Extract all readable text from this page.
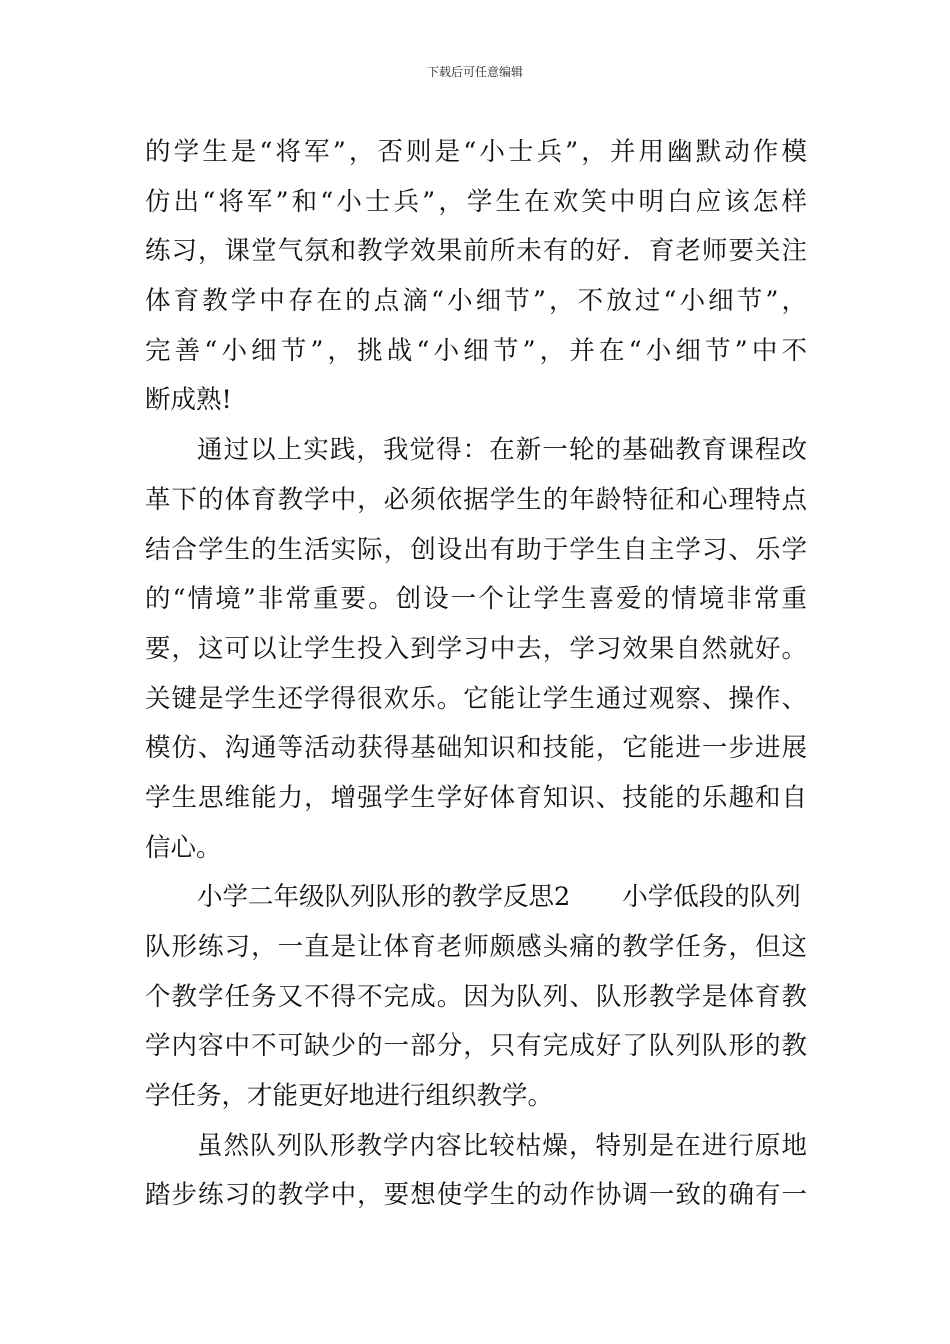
下载后可任意编辑
的学生是“将军”，否则是“小士兵”，并用幽默动作模
仿出“将军”和“小士兵”，学生在欢笑中明白应该怎样
练习，课堂气氛和教学效果前所未有的好．育老师要关注
体育教学中存在的点滴“小细节”，不放过“小细节”，
完善“小细节”，挑战“小细节”，并在“小细节”中不
断成熟!
通过以上实践，我觉得：在新一轮的基础教育课程改
革下的体育教学中，必须依据学生的年龄特征和心理特点
结合学生的生活实际，创设出有助于学生自主学习、乐学
的“情境”非常重要。创设一个让学生喜爱的情境非常重
要，这可以让学生投入到学习中去，学习效果自然就好。
关键是学生还学得很欢乐。它能让学生通过观察、操作、
模仿、沟通等活动获得基础知识和技能，它能进一步进展
学生思维能力，增强学生学好体育知识、技能的乐趣和自
信心。
小学二年级队列队形的教学反思2 小学低段的队列
队形练习，一直是让体育老师颇感头痛的教学任务，但这
个教学任务又不得不完成。因为队列、队形教学是体育教
学内容中不可缺少的一部分，只有完成好了队列队形的教
学任务，才能更好地进行组织教学。
虽然队列队形教学内容比较枯燥，特别是在进行原地
踏步练习的教学中，要想使学生的动作协调一致的确有一
